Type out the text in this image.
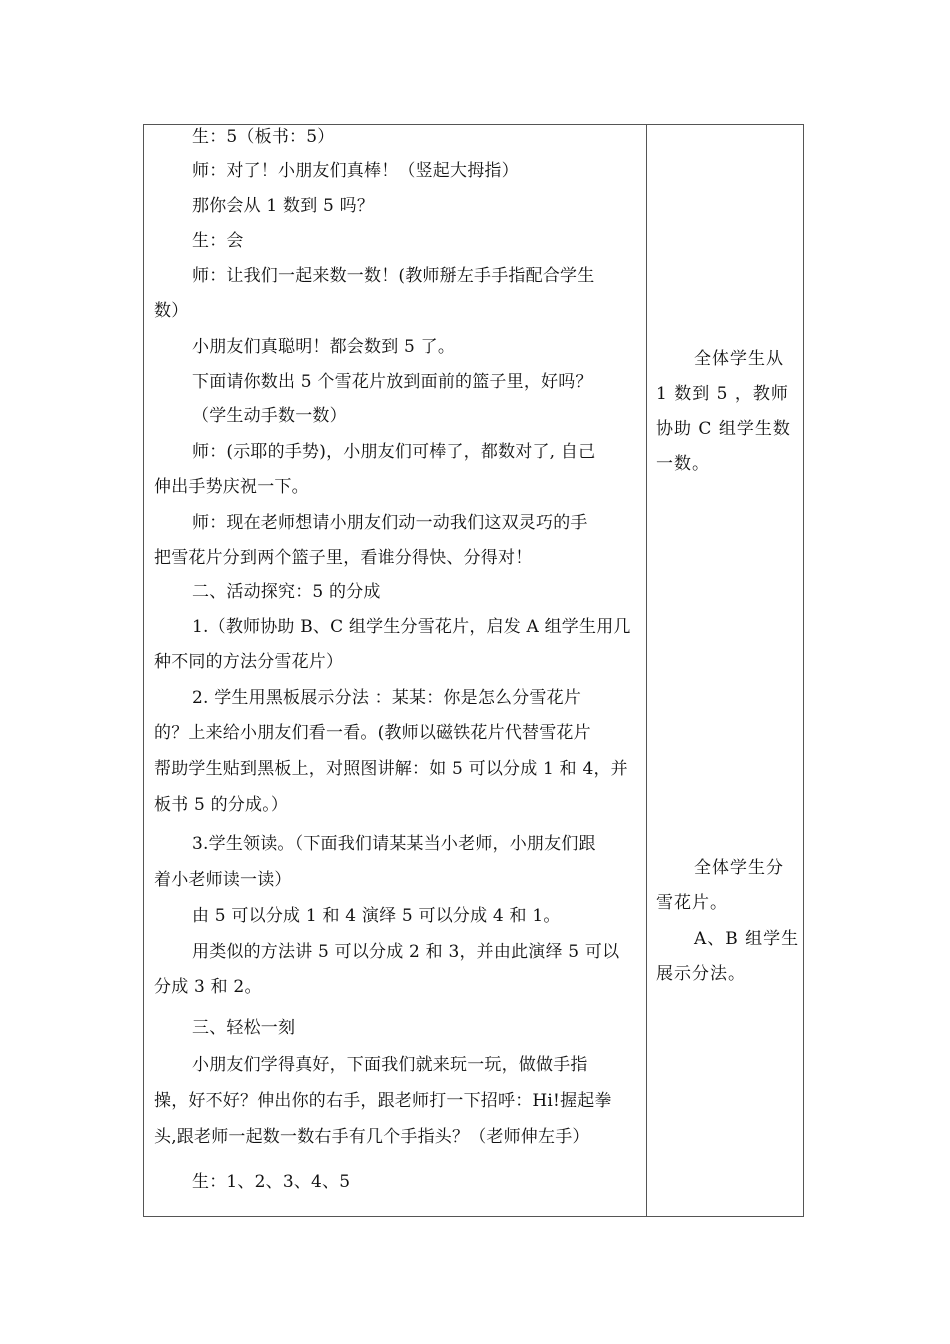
生：5（板书：5）
师：对了！小朋友们真棒！（竖起大拇指）
那你会从 1 数到 5 吗？
生：会
师：让我们一起来数一数！(教师掰左手手指配合学生
数）
小朋友们真聪明！都会数到 5 了。
下面请你数出 5 个雪花片放到面前的篮子里，好吗？
（学生动手数一数）
师：(示耶的手势)，小朋友们可棒了，都数对了, 自己
伸出手势庆祝一下。
师：现在老师想请小朋友们动一动我们这双灵巧的手
把雪花片分到两个篮子里，看谁分得快、分得对！
二、活动探究：5 的分成
1.（教师协助 B、C 组学生分雪花片，启发 A 组学生用几
种不同的方法分雪花片）
2. 学生用黑板展示分法 ：某某：你是怎么分雪花片
的？上来给小朋友们看一看。(教师以磁铁花片代替雪花片
帮助学生贴到黑板上，对照图讲解：如 5 可以分成 1 和 4，并
板书 5 的分成。）
3.学生领读。（下面我们请某某当小老师，小朋友们跟
着小老师读一读）
由 5 可以分成 1 和 4 演绎 5 可以分成 4 和 1。
用类似的方法讲 5 可以分成 2 和 3，并由此演绎 5 可以
分成 3 和 2。
三、轻松一刻
小朋友们学得真好，下面我们就来玩一玩，做做手指
操，好不好？伸出你的右手，跟老师打一下招呼：Hi!握起拳
头,跟老师一起数一数右手有几个手指头？（老师伸左手）
生：1、2、3、4、5
全体学生从
1 数到 5 ，教师
协助 C 组学生数
一数。
全体学生分
雪花片。
A、B 组学生
展示分法。
